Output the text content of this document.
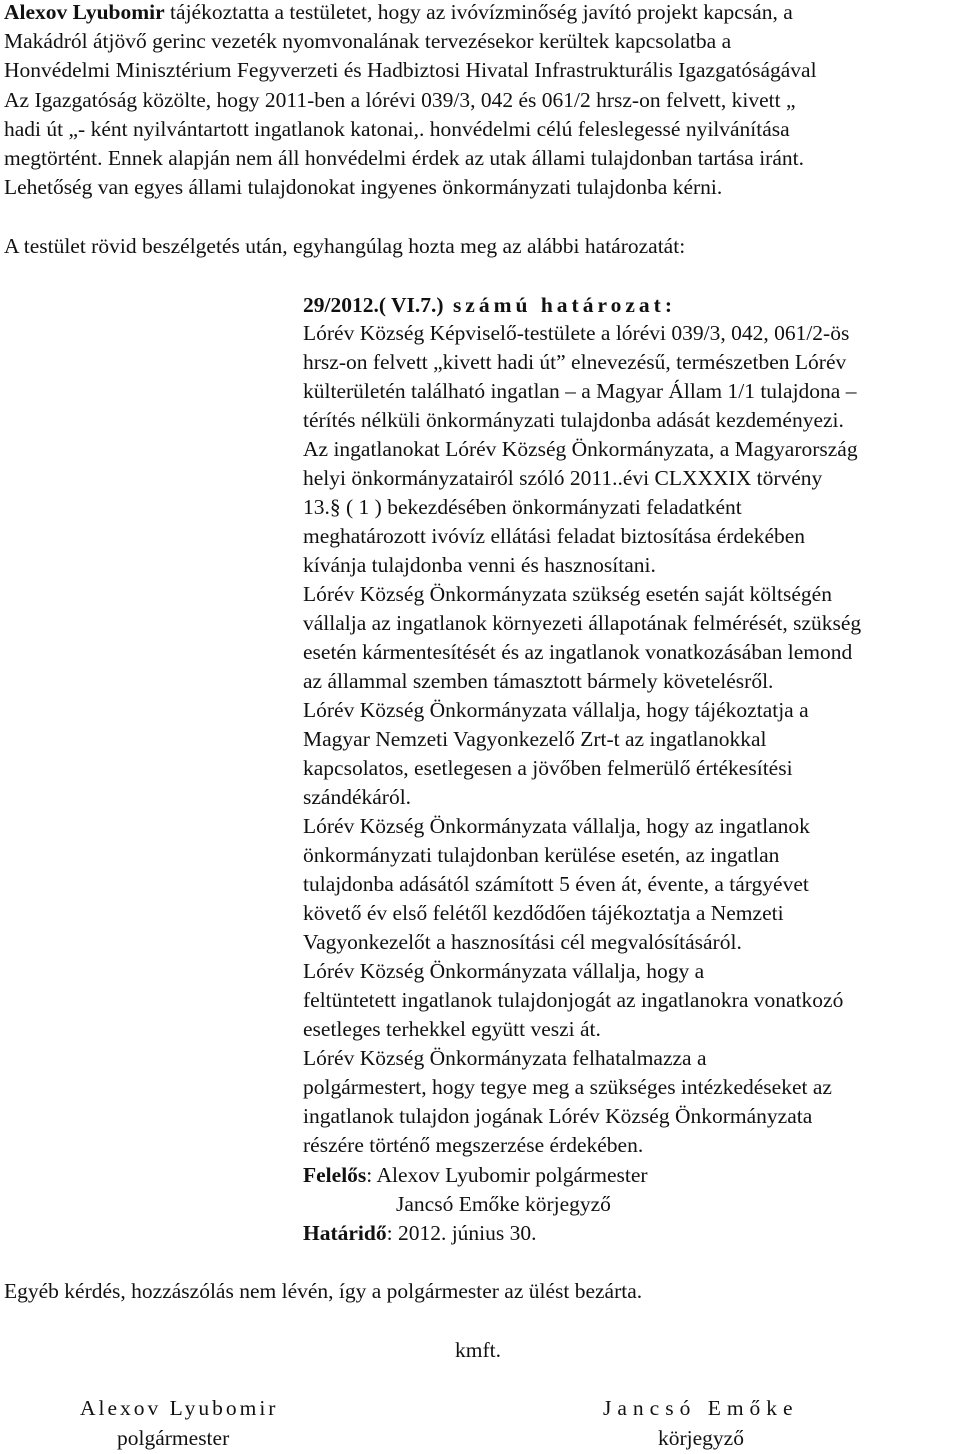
Alexov Lyubomir tájékoztatta a testületet, hogy az ivóvízminőség javító projekt kapcsán, a
Makádról átjövő gerinc vezeték nyomvonalának tervezésekor kerültek kapcsolatba a
Honvédelmi Minisztérium Fegyverzeti és Hadbiztosi Hivatal Infrastrukturális Igazgatóságával
Az Igazgatóság közölte, hogy 2011-ben a lórévi 039/3, 042 és 061/2 hrsz-on felvett, kivett „
hadi út „- ként nyilvántartott ingatlanok katonai,. honvédelmi célú feleslegessé nyilvánítása
megtörtént. Ennek alapján nem áll honvédelmi érdek az utak állami tulajdonban tartása iránt.
Lehetőség van egyes állami tulajdonokat ingyenes önkormányzati tulajdonba kérni.
A testület rövid beszélgetés után, egyhangúlag hozta meg az alábbi határozatát:
29/2012.( VI.7.) számú határozat:
Lórév Község Képviselő-testülete a lórévi 039/3, 042, 061/2-ös
hrsz-on felvett „kivett hadi út” elnevezésű, természetben Lórév
külterületén található ingatlan – a Magyar Állam 1/1 tulajdona –
térítés nélküli önkormányzati tulajdonba adását kezdeményezi.
Az ingatlanokat Lórév Község Önkormányzata, a Magyarország
helyi önkormányzatairól szóló 2011..évi CLXXXIX törvény
13.§ ( 1 ) bekezdésében önkormányzati feladatként
meghatározott ivóvíz ellátási feladat biztosítása érdekében
kívánja tulajdonba venni és hasznosítani.
Lórév Község Önkormányzata szükség esetén saját költségén
vállalja az ingatlanok környezeti állapotának felmérését, szükség
esetén kármentesítését és az ingatlanok vonatkozásában lemond
az állammal szemben támasztott bármely követelésről.
Lórév Község Önkormányzata vállalja, hogy tájékoztatja a
Magyar Nemzeti Vagyonkezelő Zrt-t az ingatlanokkal
kapcsolatos, esetlegesen a jövőben felmerülő értékesítési
szándékáról.
Lórév Község Önkormányzata vállalja, hogy az ingatlanok
önkormányzati tulajdonban kerülése esetén, az ingatlan
tulajdonba adásától számított 5 éven át, évente, a tárgyévet
követő év első felétől kezdődően tájékoztatja a Nemzeti
Vagyonkezelőt a hasznosítási cél megvalósításáról.
Lórév Község Önkormányzata vállalja, hogy a
feltüntetett ingatlanok tulajdonjogát az ingatlanokra vonatkozó
esetleges terhekkel együtt veszi át.
Lórév Község Önkormányzata felhatalmazza a
polgármestert, hogy tegye meg a szükséges intézkedéseket az
ingatlanok tulajdon jogának Lórév Község Önkormányzata
részére történő megszerzése érdekében.
Felelős: Alexov Lyubomir polgármester
Jancsó Emőke körjegyző
Határidő: 2012. június 30.
Egyéb kérdés, hozzászólás nem lévén, így a polgármester az ülést bezárta.
kmft.
Alexov Lyubomir
polgármester
Jancsó Emőke
körjegyző
